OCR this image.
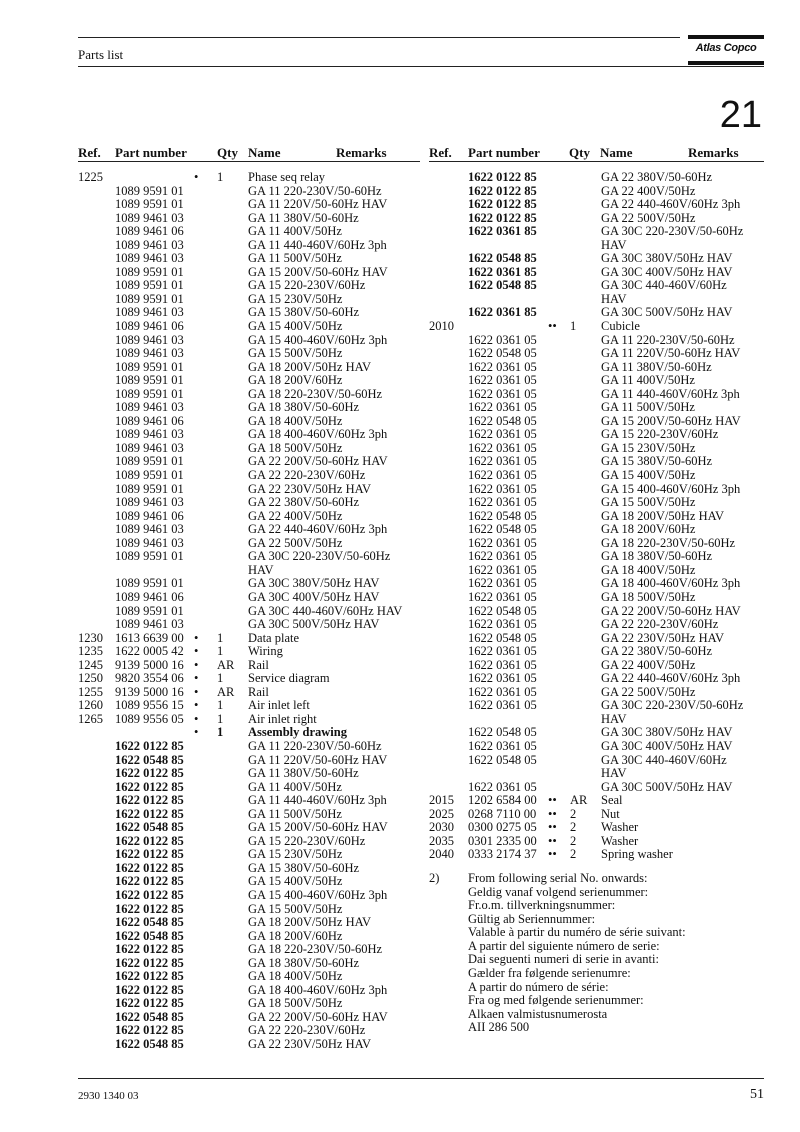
Parts list	Atlas Copco
21
Ref. Part number Qty Name	Remarks	Ref. Part number Qty Name	Remarks
1225	• 1 Phase seq relay
1089 9591 01	GA 11 220-230V/50-60Hz
1089 9591 01	GA 11 220V/50-60Hz HAV
1089 9461 03	GA 11 380V/50-60Hz
1089 9461 06	GA 11 400V/50Hz
1089 9461 03	GA 11 440-460V/60Hz 3ph
1089 9461 03	GA 11 500V/50Hz
1089 9591 01	GA 15 200V/50-60Hz HAV
1089 9591 01	GA 15 220-230V/60Hz
1089 9591 01	GA 15 230V/50Hz
1089 9461 03	GA 15 380V/50-60Hz
1089 9461 06	GA 15 400V/50Hz
1089 9461 03	GA 15 400-460V/60Hz 3ph
1089 9461 03	GA 15 500V/50Hz
1089 9591 01	GA 18 200V/50Hz HAV
1089 9591 01	GA 18 200V/60Hz
1089 9591 01	GA 18 220-230V/50-60Hz
1089 9461 03	GA 18 380V/50-60Hz
1089 9461 06	GA 18 400V/50Hz
1089 9461 03	GA 18 400-460V/60Hz 3ph
1089 9461 03	GA 18 500V/50Hz
1089 9591 01	GA 22 200V/50-60Hz HAV
1089 9591 01	GA 22 220-230V/60Hz
1089 9591 01	GA 22 230V/50Hz HAV
1089 9461 03	GA 22 380V/50-60Hz
1089 9461 06	GA 22 400V/50Hz
1089 9461 03	GA 22 440-460V/60Hz 3ph
1089 9461 03	GA 22 500V/50Hz
1089 9591 01	GA 30C 220-230V/50-60Hz
HAV
1089 9591 01	GA 30C 380V/50Hz HAV
1089 9461 06	GA 30C 400V/50Hz HAV
1089 9591 01	GA 30C 440-460V/60Hz HAV
1089 9461 03	GA 30C 500V/50Hz HAV
1230 1613 6639 00 • 1 Data plate
1235 1622 0005 42 • 1 Wiring
1245 9139 5000 16 • AR Rail
1250 9820 3554 06 • 1 Service diagram
1255 9139 5000 16 • AR Rail
1260 1089 9556 15 • 1 Air inlet left
1265 1089 9556 05 • 1 Air inlet right
• 1 Assembly drawing
1622 0122 85	GA 11 220-230V/50-60Hz
1622 0548 85	GA 11 220V/50-60Hz HAV
1622 0122 85	GA 11 380V/50-60Hz
1622 0122 85	GA 11 400V/50Hz
1622 0122 85	GA 11 440-460V/60Hz 3ph
1622 0122 85	GA 11 500V/50Hz
1622 0548 85	GA 15 200V/50-60Hz HAV
1622 0122 85	GA 15 220-230V/60Hz
1622 0122 85	GA 15 230V/50Hz
1622 0122 85	GA 15 380V/50-60Hz
1622 0122 85	GA 15 400V/50Hz
1622 0122 85	GA 15 400-460V/60Hz 3ph
1622 0122 85	GA 15 500V/50Hz
1622 0548 85	GA 18 200V/50Hz HAV
1622 0548 85	GA 18 200V/60Hz
1622 0122 85	GA 18 220-230V/50-60Hz
1622 0122 85	GA 18 380V/50-60Hz
1622 0122 85	GA 18 400V/50Hz
1622 0122 85	GA 18 400-460V/60Hz 3ph
1622 0122 85	GA 18 500V/50Hz
1622 0548 85	GA 22 200V/50-60Hz HAV
1622 0122 85	GA 22 220-230V/60Hz
1622 0548 85	GA 22 230V/50Hz HAV
1622 0122 85	GA 22 380V/50-60Hz
1622 0122 85	GA 22 400V/50Hz
1622 0122 85	GA 22 440-460V/60Hz 3ph
1622 0122 85	GA 22 500V/50Hz
1622 0361 85	GA 30C 220-230V/50-60Hz
HAV
1622 0548 85	GA 30C 380V/50Hz HAV
1622 0361 85	GA 30C 400V/50Hz HAV
1622 0548 85	GA 30C 440-460V/60Hz
HAV
1622 0361 85	GA 30C 500V/50Hz HAV
2010	•• 1 Cubicle
1622 0361 05	GA 11 220-230V/50-60Hz
1622 0548 05	GA 11 220V/50-60Hz HAV
1622 0361 05	GA 11 380V/50-60Hz
1622 0361 05	GA 11 400V/50Hz
1622 0361 05	GA 11 440-460V/60Hz 3ph
1622 0361 05	GA 11 500V/50Hz
1622 0548 05	GA 15 200V/50-60Hz HAV
1622 0361 05	GA 15 220-230V/60Hz
1622 0361 05	GA 15 230V/50Hz
1622 0361 05	GA 15 380V/50-60Hz
1622 0361 05	GA 15 400V/50Hz
1622 0361 05	GA 15 400-460V/60Hz 3ph
1622 0361 05	GA 15 500V/50Hz
1622 0548 05	GA 18 200V/50Hz HAV
1622 0548 05	GA 18 200V/60Hz
1622 0361 05	GA 18 220-230V/50-60Hz
1622 0361 05	GA 18 380V/50-60Hz
1622 0361 05	GA 18 400V/50Hz
1622 0361 05	GA 18 400-460V/60Hz 3ph
1622 0361 05	GA 18 500V/50Hz
1622 0548 05	GA 22 200V/50-60Hz HAV
1622 0361 05	GA 22 220-230V/60Hz
1622 0548 05	GA 22 230V/50Hz HAV
1622 0361 05	GA 22 380V/50-60Hz
1622 0361 05	GA 22 400V/50Hz
1622 0361 05	GA 22 440-460V/60Hz 3ph
1622 0361 05	GA 22 500V/50Hz
1622 0361 05	GA 30C 220-230V/50-60Hz
HAV
1622 0548 05	GA 30C 380V/50Hz HAV
1622 0361 05	GA 30C 400V/50Hz HAV
1622 0548 05	GA 30C 440-460V/60Hz
HAV
1622 0361 05	GA 30C 500V/50Hz HAV
2015 1202 6584 00 •• AR Seal
2025 0268 7110 00 •• 2 Nut
2030 0300 0275 05 •• 2 Washer
2035 0301 2335 00 •• 2 Washer
2040 0333 2174 37 •• 2 Spring washer
2) From following serial No. onwards:
Geldig vanaf volgend serienummer:
Fr.o.m. tillverkningsnummer:
Gültig ab Seriennummer:
Valable à partir du numéro de série suivant:
A partir del siguiente número de serie:
Dai seguenti numeri di serie in avanti:
Gælder fra følgende serienumre:
A partir do número de série:
Fra og med følgende serienummer:
Alkaen valmistusnumerosta
AII 286 500
2930 1340 03	51
